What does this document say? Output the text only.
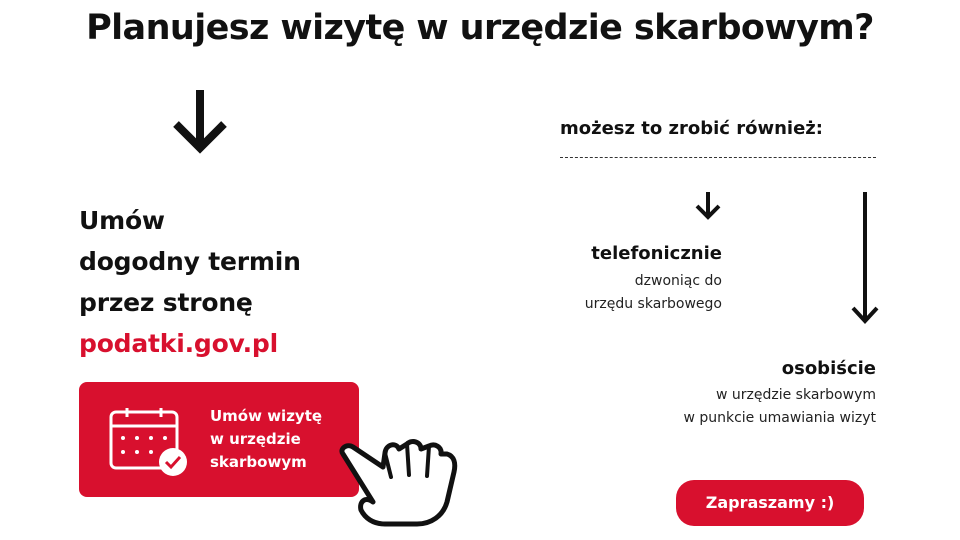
Planujesz wizytę w urzędzie skarbowym?
Umów
dogodny termin
przez stronę
podatki.gov.pl
Umów wizytę
w urzędzie
skarbowym
możesz to zrobić również:
telefonicznie
dzwoniąc do
urzędu skarbowego
osobiście
w urzędzie skarbowym
w punkcie umawiania wizyt
Zapraszamy :)
